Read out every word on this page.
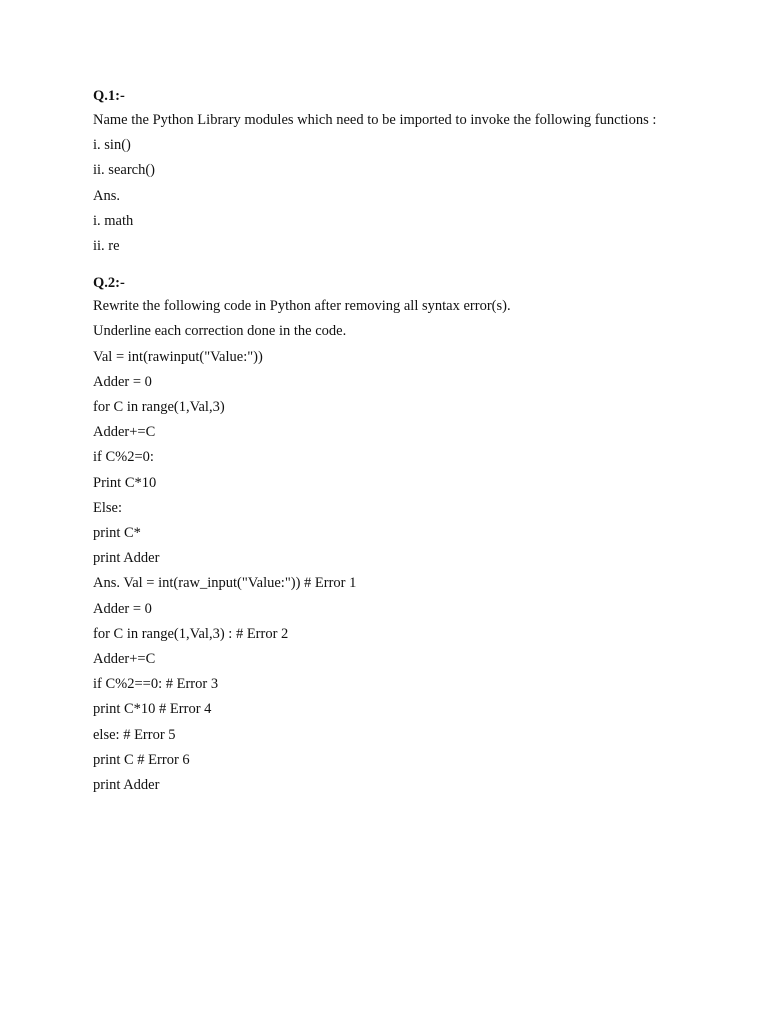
Q.1:-

Name the Python Library modules which need to be imported to invoke the following functions :

i. sin()

ii. search()

Ans.

i. math

ii. re

Q.2:-

Rewrite the following code in Python after removing all syntax error(s).

Underline each correction done in the code.

Val = int(rawinput("Value:"))

Adder = 0

for C in range(1,Val,3)

Adder+=C

if C%2=0:

Print C*10

Else:

print C*

print Adder

Ans. Val = int(raw_input("Value:")) # Error 1

Adder = 0

for C in range(1,Val,3) : # Error 2

Adder+=C

if C%2==0: # Error 3

print C*10 # Error 4

else: # Error 5

print C # Error 6

print Adder
